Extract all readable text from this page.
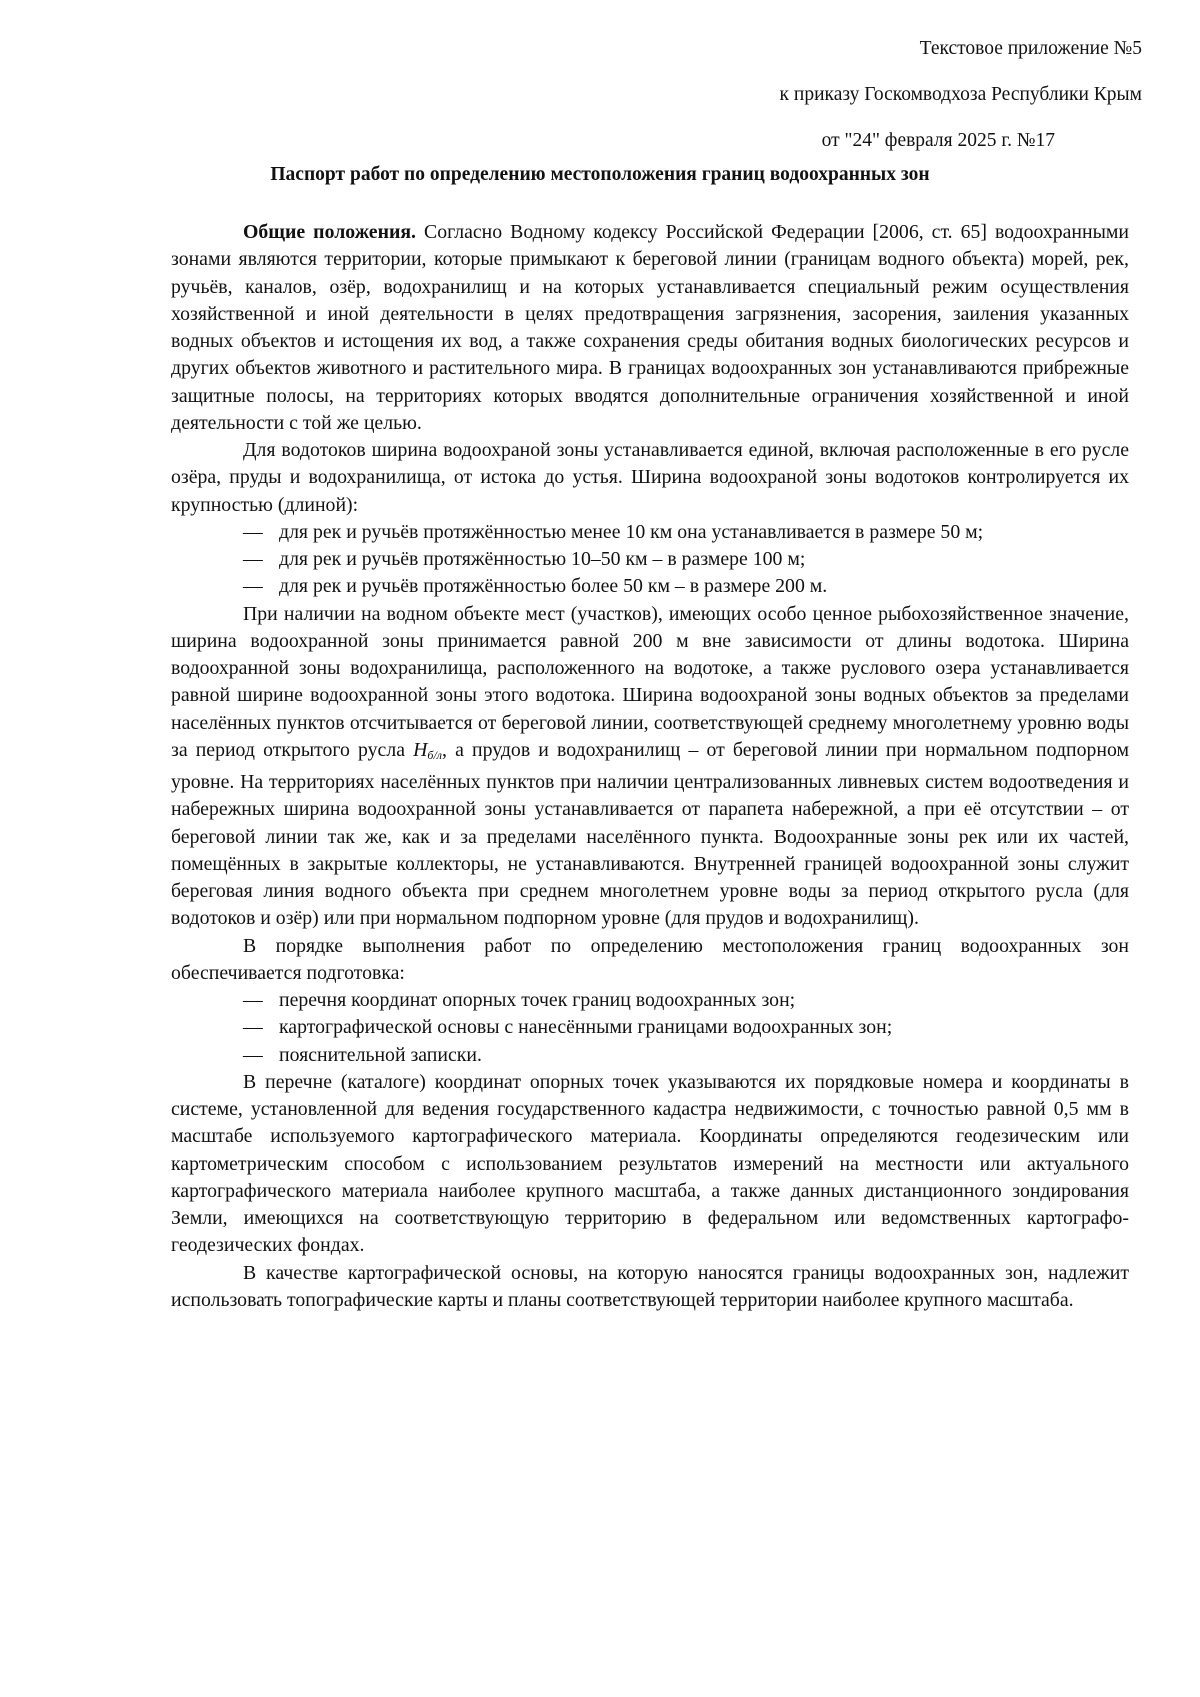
Текстовое приложение №5
к приказу Госкомводхоза Республики Крым
от "24" февраля 2025 г. №17
Паспорт работ по определению местоположения границ водоохранных зон

Общие положения. Согласно Водному кодексу Российской Федерации [2006, ст. 65] водоохранными зонами являются территории, которые примыкают к береговой линии (границам водного объекта) морей, рек, ручьёв, каналов, озёр, водохранилищ и на которых устанавливается специальный режим осуществления хозяйственной и иной деятельности в целях предотвращения загрязнения, засорения, заиления указанных водных объектов и истощения их вод, а также сохранения среды обитания водных биологических ресурсов и других объектов животного и растительного мира. В границах водоохранных зон устанавливаются прибрежные защитные полосы, на территориях которых вводятся дополнительные ограничения хозяйственной и иной деятельности с той же целью.

Для водотоков ширина водоохраной зоны устанавливается единой, включая расположенные в его русле озёра, пруды и водохранилища, от истока до устья. Ширина водоохраной зоны водотоков контролируется их крупностью (длиной):

— для рек и ручьёв протяжённостью менее 10 км она устанавливается в размере 50 м;

— для рек и ручьёв протяжённостью 10–50 км – в размере 100 м;

— для рек и ручьёв протяжённостью более 50 км – в размере 200 м.

При наличии на водном объекте мест (участков), имеющих особо ценное рыбохозяйственное значение, ширина водоохранной зоны принимается равной 200 м вне зависимости от длины водотока. Ширина водоохранной зоны водохранилища, расположенного на водотоке, а также руслового озера устанавливается равной ширине водоохранной зоны этого водотока. Ширина водоохраной зоны водных объектов за пределами населённых пунктов отсчитывается от береговой линии, соответствующей среднему многолетнему уровню воды за период открытого русла $H_{б/л}$, а прудов и водохранилищ – от береговой линии при нормальном подпорном уровне. На территориях населённых пунктов при наличии централизованных ливневых систем водоотведения и набережных ширина водоохранной зоны устанавливается от парапета набережной, а при её отсутствии – от береговой линии так же, как и за пределами населённого пункта. Водоохранные зоны рек или их частей, помещённых в закрытые коллекторы, не устанавливаются. Внутренней границей водоохранной зоны служит береговая линия водного объекта при среднем многолетнем уровне воды за период открытого русла (для водотоков и озёр) или при нормальном подпорном уровне (для прудов и водохранилищ).

В порядке выполнения работ по определению местоположения границ водоохранных зон обеспечивается подготовка:

— перечня координат опорных точек границ водоохранных зон;

— картографической основы с нанесёнными границами водоохранных зон;

— пояснительной записки.

В перечне (каталоге) координат опорных точек указываются их порядковые номера и координаты в системе, установленной для ведения государственного кадастра недвижимости, с точностью равной 0,5 мм в масштабе используемого картографического материала. Координаты определяются геодезическим или картометрическим способом с использованием результатов измерений на местности или актуального картографического материала наиболее крупного масштаба, а также данных дистанционного зондирования Земли, имеющихся на соответствующую территорию в федеральном или ведомственных картографо-геодезических фондах.

В качестве картографической основы, на которую наносятся границы водоохранных зон, надлежит использовать топографические карты и планы соответствующей территории наиболее крупного масштаба.
